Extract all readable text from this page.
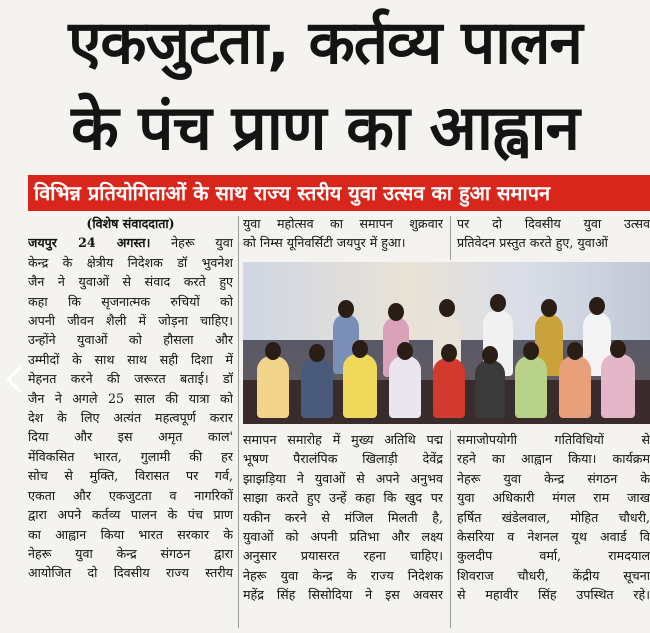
एकजुटता, कर्तव्य पालन
के पंच प्राण का आह्वान
विभिन्न प्रतियोगिताओं के साथ राज्य स्तरीय युवा उत्सव का हुआ समापन

(विशेष संवाददाता)

जयपुर 24 अगस्त। नेहरू युवा

केन्द्र के क्षेत्रीय निदेशक डॉ भुवनेश

जैन ने युवाओं से संवाद करते हुए

कहा कि सृजनात्मक रुचियों को

अपनी जीवन शैली में जोड़ना चाहिए।

उन्होंने युवाओं को हौसला और

उम्मीदों के साथ साथ सही दिशा में

मेहनत करने की जरूरत बताई। डॉ

जैन ने अगले 25 साल की यात्रा को

देश के लिए अत्यंत महत्वपूर्ण करार

दिया और इस अमृत काल'

मेंविकसित भारत, गुलामी की हर

सोच से मुक्ति, विरासत पर गर्व,

एकता और एकजुटता व नागरिकों

द्वारा अपने कर्तव्य पालन के पंच प्राण

का आह्वान किया भारत सरकार के

नेहरू युवा केन्द्र संगठन द्वारा

आयोजित दो दिवसीय राज्य स्तरीय

युवा महोत्सव का समापन शुक्रवार

को निम्स यूनिवर्सिटी जयपुर में हुआ।

पर दो दिवसीय युवा उत्सव

प्रतिवेदन प्रस्तुत करते हुए, युवाओं

समापन समारोह में मुख्य अतिथि पद्म

भूषण पैरालंपिक खिलाड़ी देवेंद्र

झाझड़िया ने युवाओं से अपने अनुभव

साझा करते हुए उन्हें कहा कि खुद पर

यकीन करने से मंजिल मिलती है,

युवाओं को अपनी प्रतिभा और लक्ष्य

अनुसार प्रयासरत रहना चाहिए।

नेहरू युवा केन्द्र के राज्य निदेशक

महेंद्र सिंह सिसोदिया ने इस अवसर

समाजोपयोगी गतिविधियों से

रहने का आह्वान किया। कार्यक्रम

नेहरू युवा केन्द्र संगठन के

युवा अधिकारी मंगल राम जाख

हर्षित खंडेलवाल, मोहित चौधरी,

केसरिया व नेशनल यूथ अवार्ड वि

कुलदीप वर्मा, रामदयाल

शिवराज चौधरी, केंद्रीय सूचना

से महावीर सिंह उपस्थित रहे।
